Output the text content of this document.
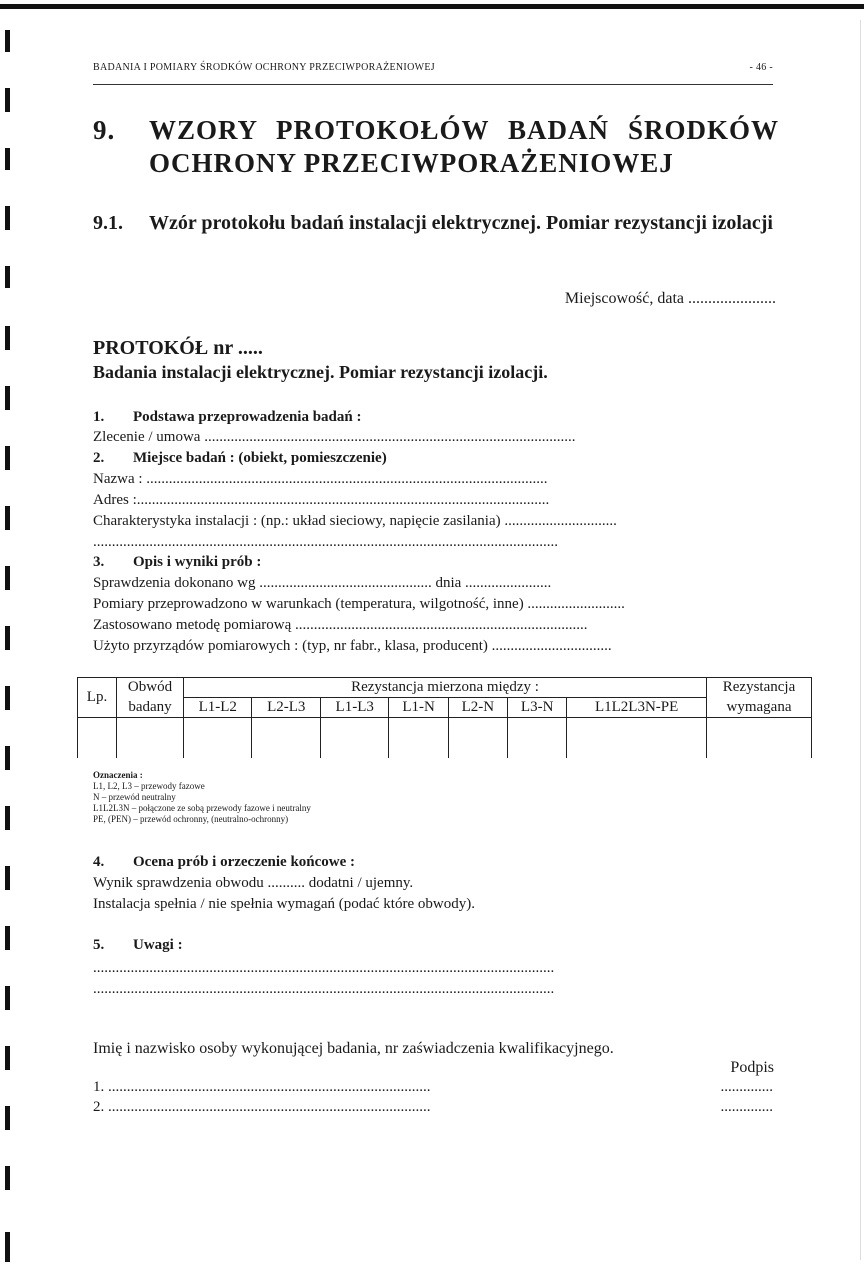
BADANIA I POMIARY ŚRODKÓW OCHRONY PRZECIWPORAŻENIOWEJ	- 46 -
9. WZORY PROTOKOŁÓW BADAŃ ŚRODKÓW OCHRONY PRZECIWPORAŻENIOWEJ
9.1. Wzór protokołu badań instalacji elektrycznej. Pomiar rezystancji izolacji
Miejscowość, data ......................
PROTOKÓŁ nr .....
Badania instalacji elektrycznej. Pomiar rezystancji izolacji.
1. Podstawa przeprowadzenia badań :
Zlecenie / umowa ...................................................................................................
2. Miejsce badań : (obiekt, pomieszczenie)
Nazwa : ...........................................................................................................
Adres :..............................................................................................................
Charakterystyka instalacji : (np.: układ sieciowy, napięcie zasilania) ..............................
............................................................................................................................
3. Opis i wyniki prób :
Sprawdzenia dokonano wg .............................................. dnia .......................
Pomiary przeprowadzono w warunkach (temperatura, wilgotność, inne) ..........................
Zastosowano metodę pomiarową ..............................................................................
Użyto przyrządów pomiarowych : (typ, nr fabr., klasa, producent) ................................
Lp.	Obwód	Rezystancja mierzona między :							Rezystancja
	badany	L1-L2	L2-L3	L1-L3	L1-N	L2-N	L3-N	L1L2L3N-PE	wymagana

Oznaczenia :
L1, L2, L3 – przewody fazowe
N – przewód neutralny
L1L2L3N – połączone ze sobą przewody fazowe i neutralny
PE, (PEN) – przewód ochronny, (neutralno-ochronny)
4. Ocena prób i orzeczenie końcowe :
Wynik sprawdzenia obwodu .......... dodatni / ujemny.
Instalacja spełnia / nie spełnia wymagań (podać które obwody).
5. Uwagi :
...........................................................................................................................
...........................................................................................................................
Imię i nazwisko osoby wykonującej badania, nr zaświadczenia kwalifikacyjnego.
Podpis
1. ......................................................................................	..............
2. ......................................................................................	..............
